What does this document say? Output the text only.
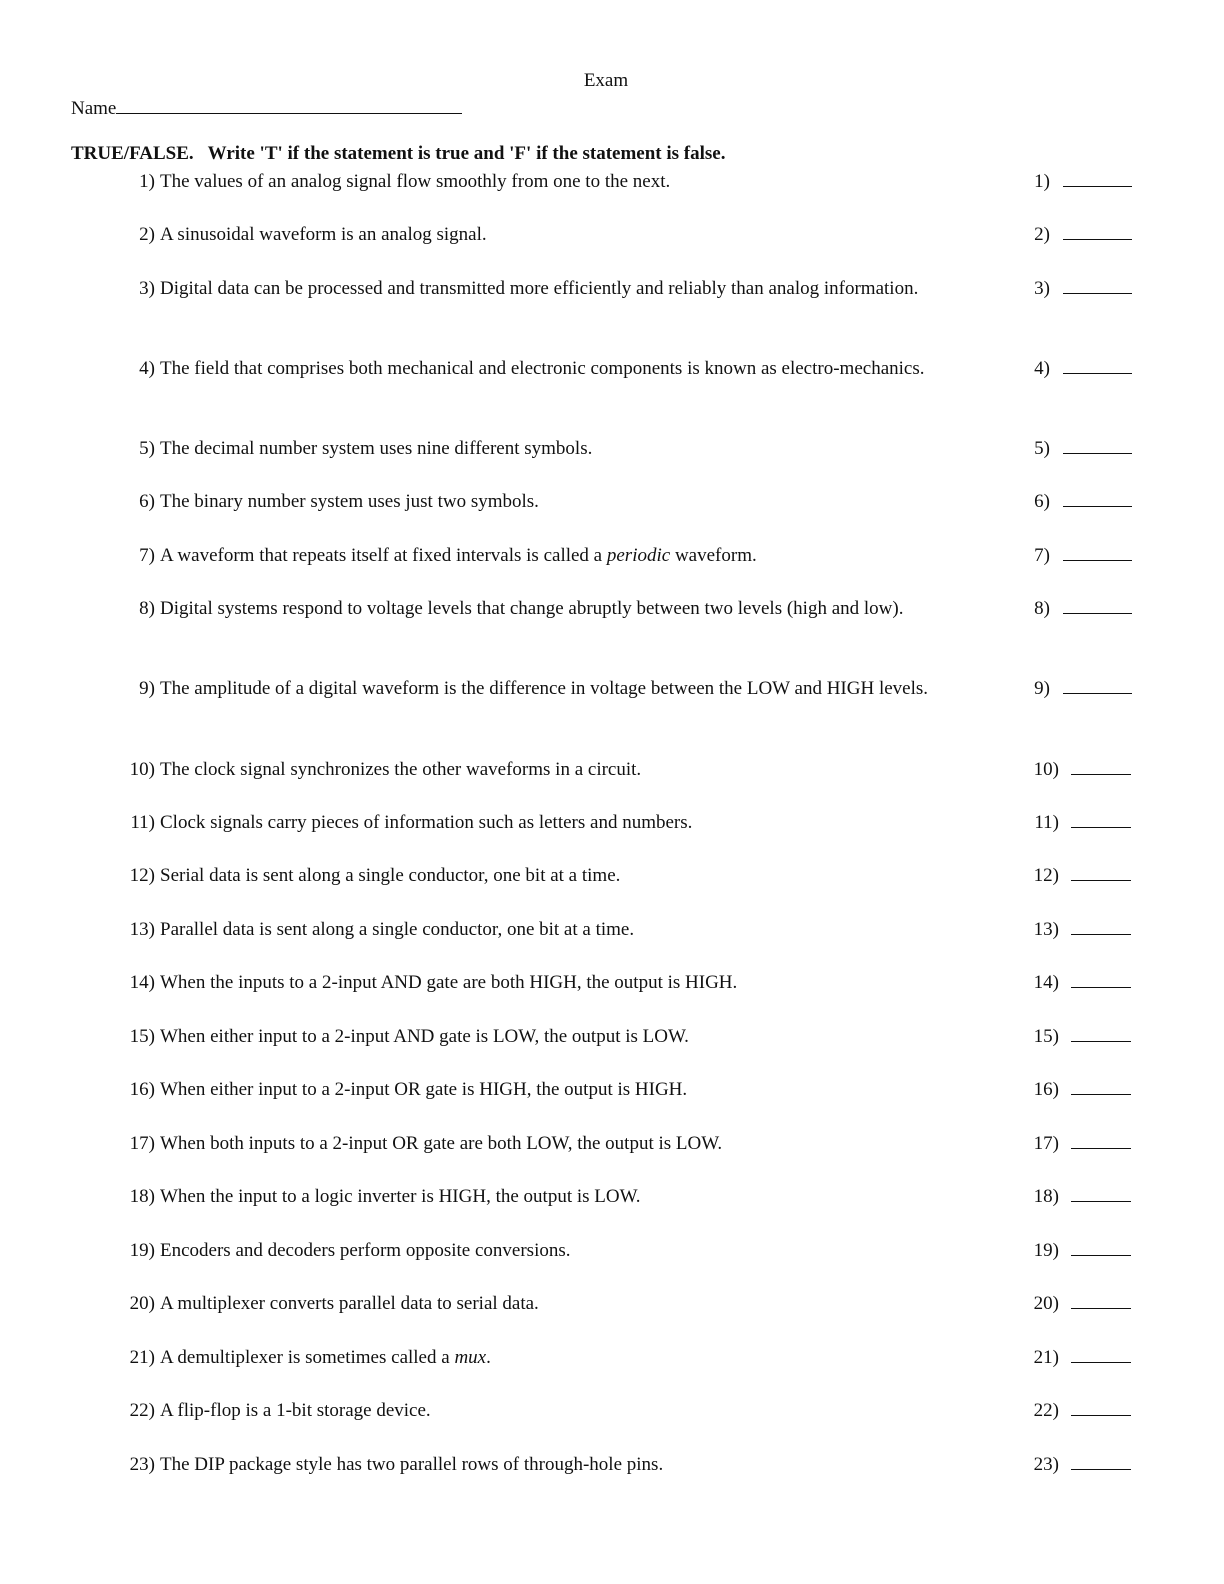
Exam
Name
TRUE/FALSE. Write 'T' if the statement is true and 'F' if the statement is false.
1) The values of an analog signal flow smoothly from one to the next.	1)
2) A sinusoidal waveform is an analog signal.	2)
3) Digital data can be processed and transmitted more efficiently and reliably than analog information.	3)
4) The field that comprises both mechanical and electronic components is known as electro-mechanics.	4)
5) The decimal number system uses nine different symbols.	5)
6) The binary number system uses just two symbols.	6)
7) A waveform that repeats itself at fixed intervals is called a periodic waveform.	7)
8) Digital systems respond to voltage levels that change abruptly between two levels (high and low).	8)
9) The amplitude of a digital waveform is the difference in voltage between the LOW and HIGH levels.	9)
10) The clock signal synchronizes the other waveforms in a circuit.	10)
11) Clock signals carry pieces of information such as letters and numbers.	11)
12) Serial data is sent along a single conductor, one bit at a time.	12)
13) Parallel data is sent along a single conductor, one bit at a time.	13)
14) When the inputs to a 2-input AND gate are both HIGH, the output is HIGH.	14)
15) When either input to a 2-input AND gate is LOW, the output is LOW.	15)
16) When either input to a 2-input OR gate is HIGH, the output is HIGH.	16)
17) When both inputs to a 2-input OR gate are both LOW, the output is LOW.	17)
18) When the input to a logic inverter is HIGH, the output is LOW.	18)
19) Encoders and decoders perform opposite conversions.	19)
20) A multiplexer converts parallel data to serial data.	20)
21) A demultiplexer is sometimes called a mux.	21)
22) A flip-flop is a 1-bit storage device.	22)
23) The DIP package style has two parallel rows of through-hole pins.	23)
